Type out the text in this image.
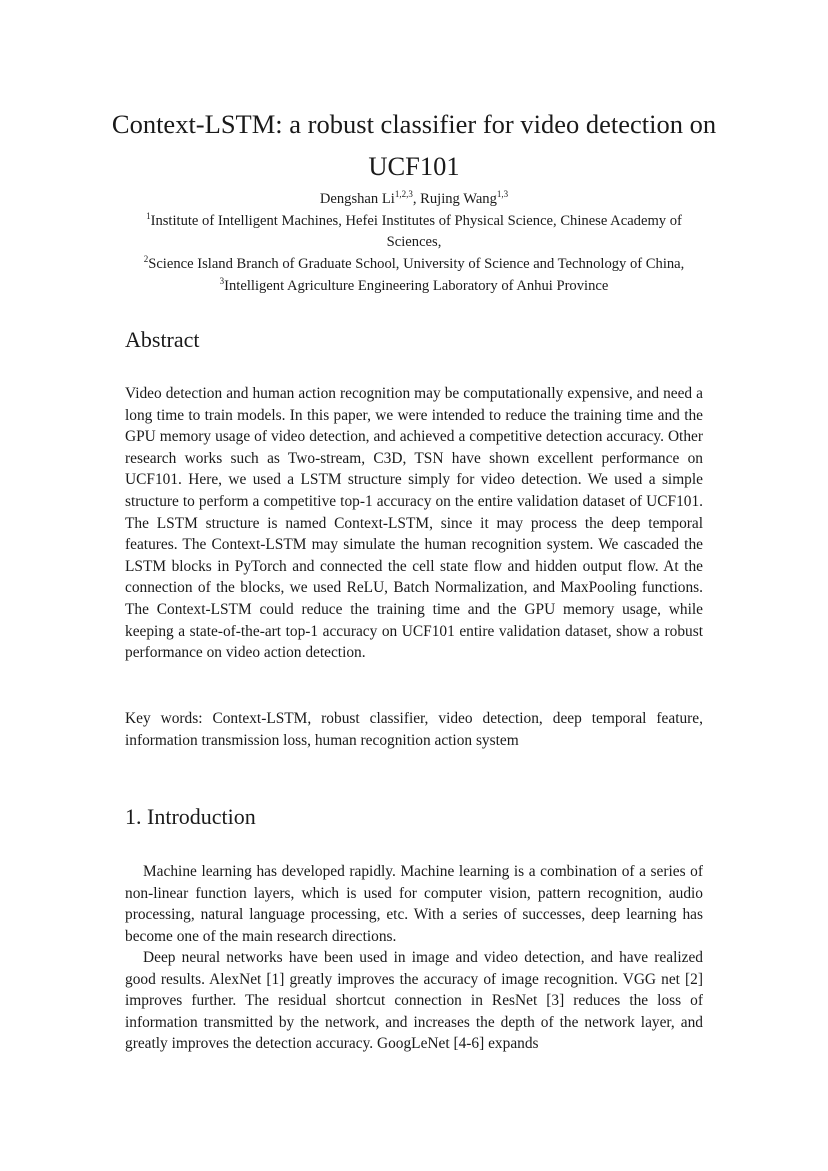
Context-LSTM: a robust classifier for video detection on
UCF101
Dengshan Li$^{1,2,3}$, Rujing Wang$^{1,3}$
$^1$Institute of Intelligent Machines, Hefei Institutes of Physical Science, Chinese Academy of
Sciences,
$^2$Science Island Branch of Graduate School, University of Science and Technology of China,
$^3$Intelligent Agriculture Engineering Laboratory of Anhui Province
Abstract

Video detection and human action recognition may be computationally expensive, and need a long time to train models. In this paper, we were intended to reduce the training time and the GPU memory usage of video detection, and achieved a competitive detection accuracy. Other research works such as Two-stream, C3D, TSN have shown excellent performance on UCF101. Here, we used a LSTM structure simply for video detection. We used a simple structure to perform a competitive top-1 accuracy on the entire validation dataset of UCF101. The LSTM structure is named Context-LSTM, since it may process the deep temporal features. The Context-LSTM may simulate the human recognition system. We cascaded the LSTM blocks in PyTorch and connected the cell state flow and hidden output flow. At the connection of the blocks, we used ReLU, Batch Normalization, and MaxPooling functions. The Context-LSTM could reduce the training time and the GPU memory usage, while keeping a state-of-the-art top-1 accuracy on UCF101 entire validation dataset, show a robust performance on video action detection.

Key words: Context-LSTM, robust classifier, video detection, deep temporal feature, information transmission loss, human recognition action system

1. Introduction

Machine learning has developed rapidly. Machine learning is a combination of a series of non-linear function layers, which is used for computer vision, pattern recognition, audio processing, natural language processing, etc. With a series of successes, deep learning has become one of the main research directions.

Deep neural networks have been used in image and video detection, and have realized good results. AlexNet [1] greatly improves the accuracy of image recognition. VGG net [2] improves further. The residual shortcut connection in ResNet [3] reduces the loss of information transmitted by the network, and increases the depth of the network layer, and greatly improves the detection accuracy. GoogLeNet [4-6] expands
